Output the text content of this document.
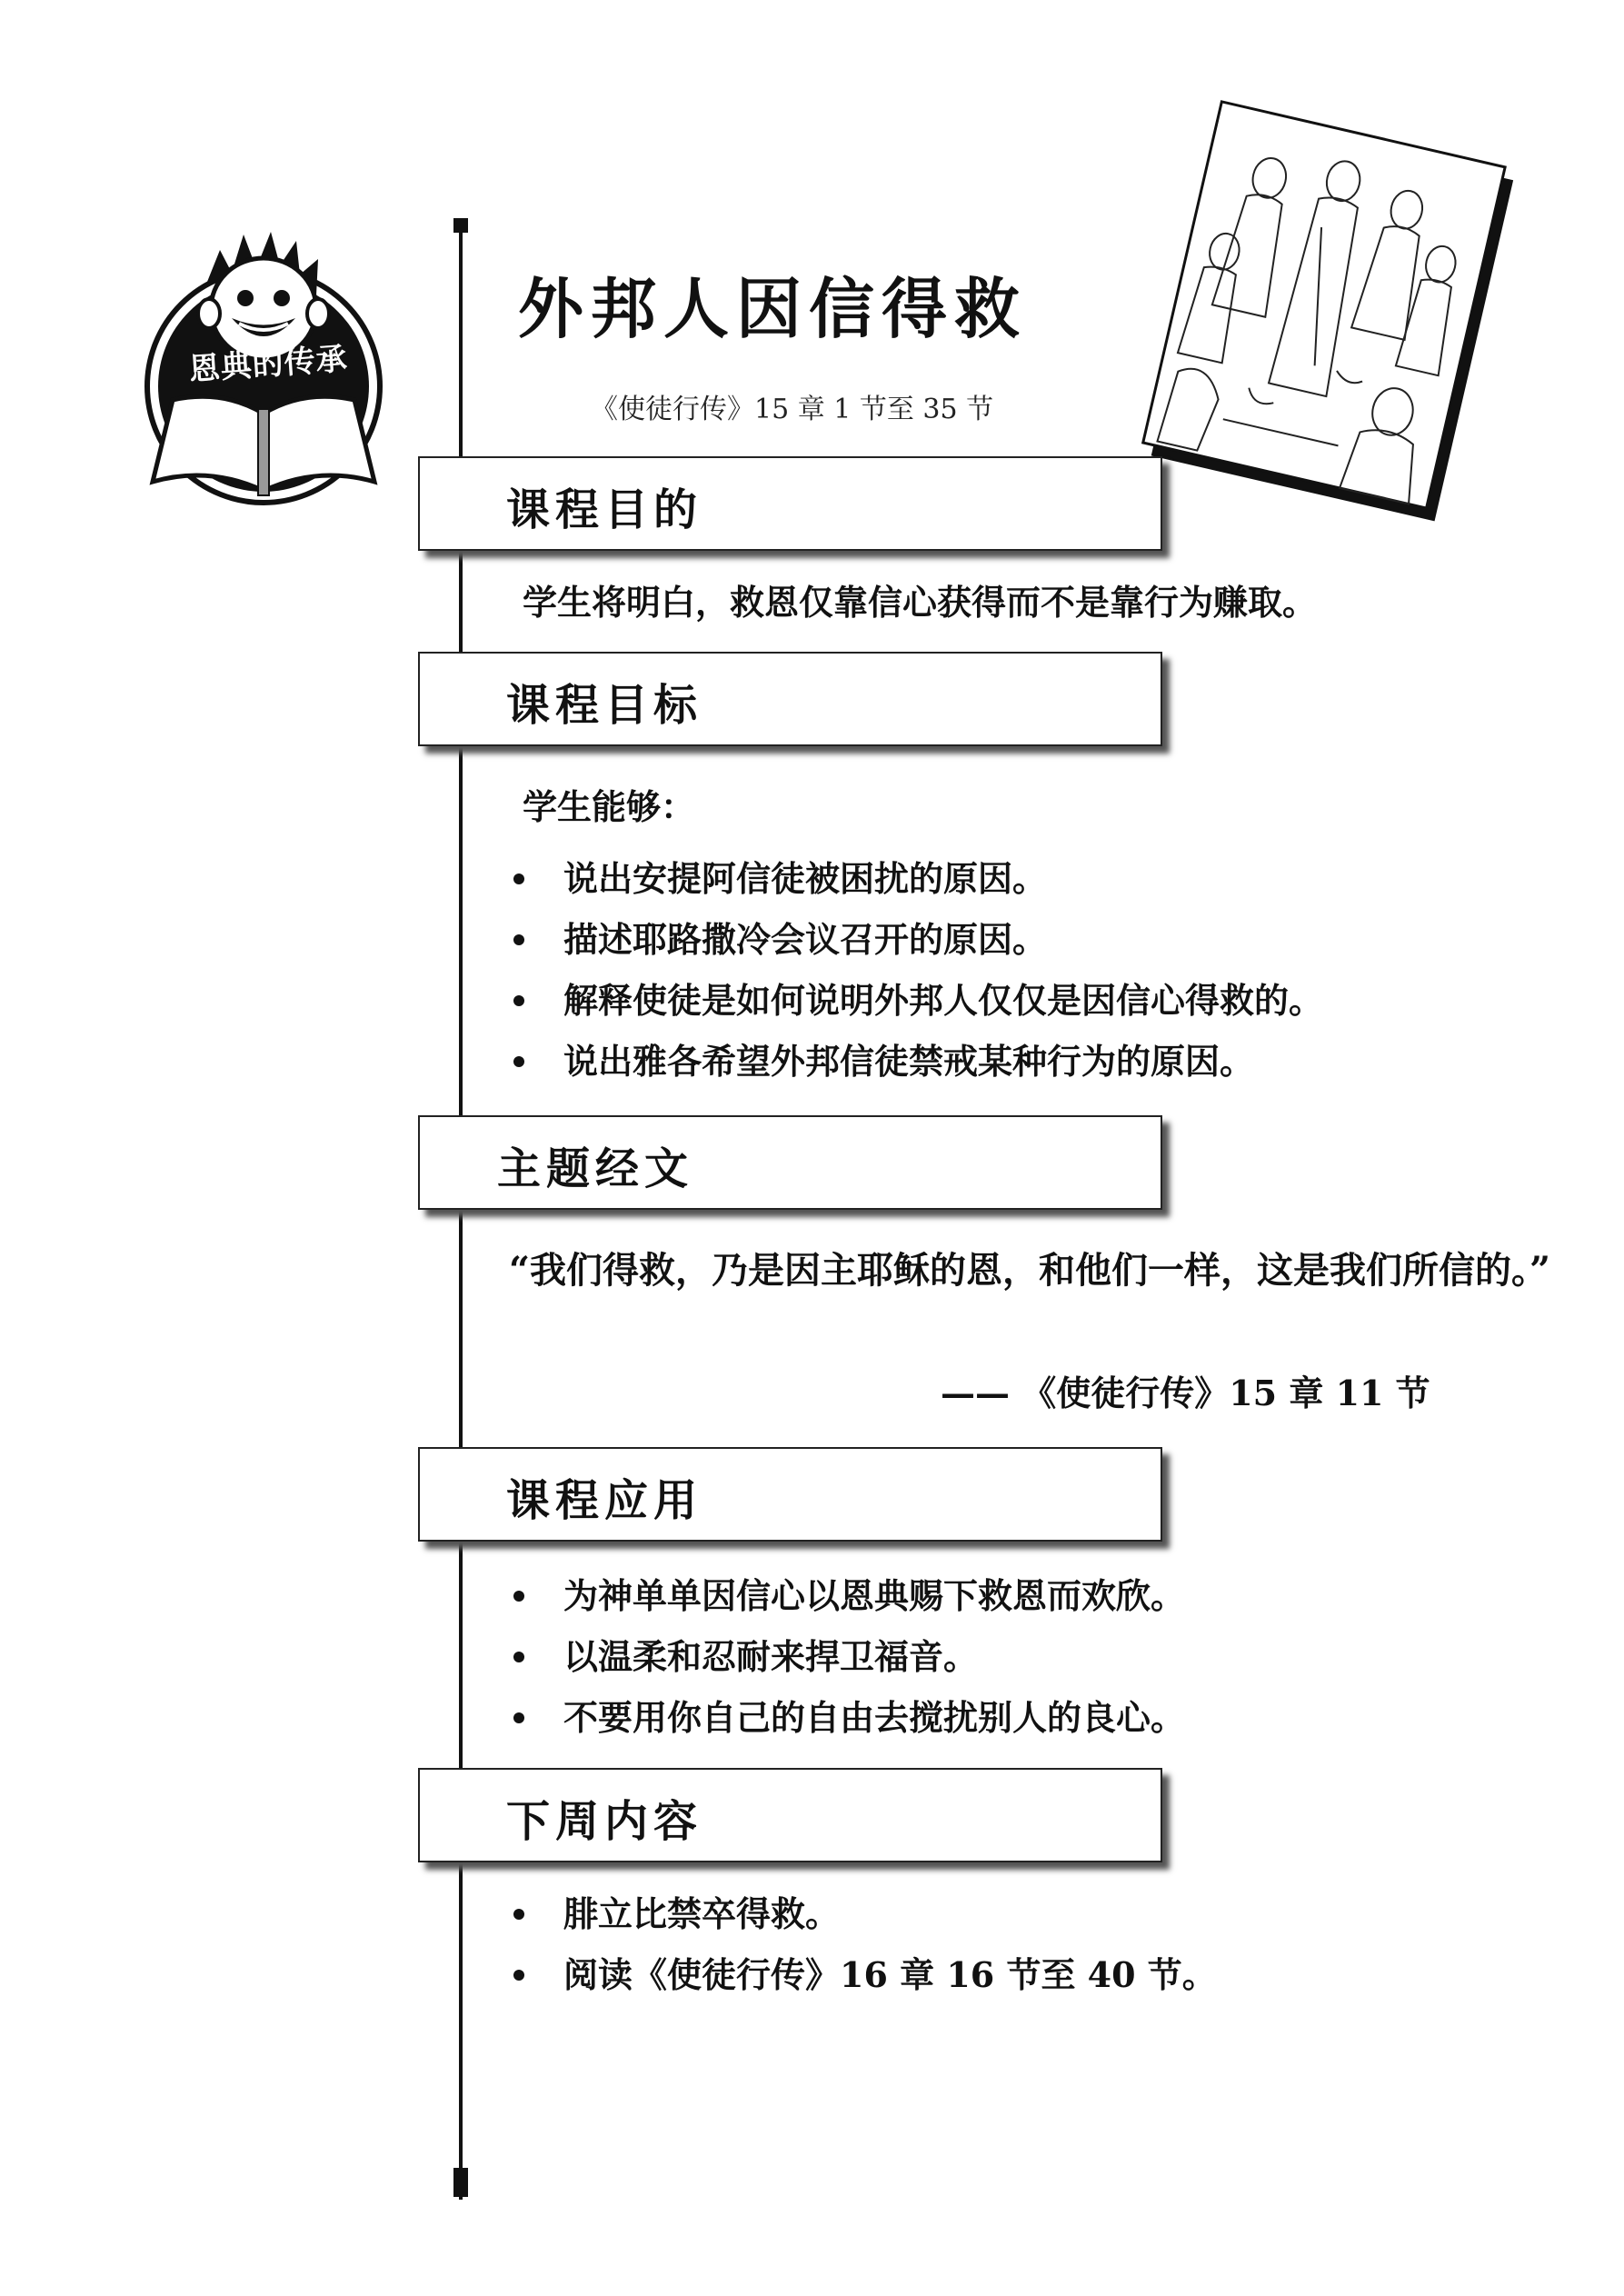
恩典的传承
外邦人因信得救
《使徒行传》15 章 1 节至 35 节
课程目的
学生将明白，救恩仅靠信心获得而不是靠行为赚取。
课程目标
学生能够：
说出安提阿信徒被困扰的原因。
描述耶路撒冷会议召开的原因。
解释使徒是如何说明外邦人仅仅是因信心得救的。
说出雅各希望外邦信徒禁戒某种行为的原因。
主题经文
“我们得救，乃是因主耶稣的恩，和他们一样，这是我们所信的。”
—— 《使徒行传》15 章 11 节
课程应用
为神单单因信心以恩典赐下救恩而欢欣。
以温柔和忍耐来捍卫福音。
不要用你自己的自由去搅扰别人的良心。
下周内容
腓立比禁卒得救。
阅读《使徒行传》16 章 16 节至 40 节。
